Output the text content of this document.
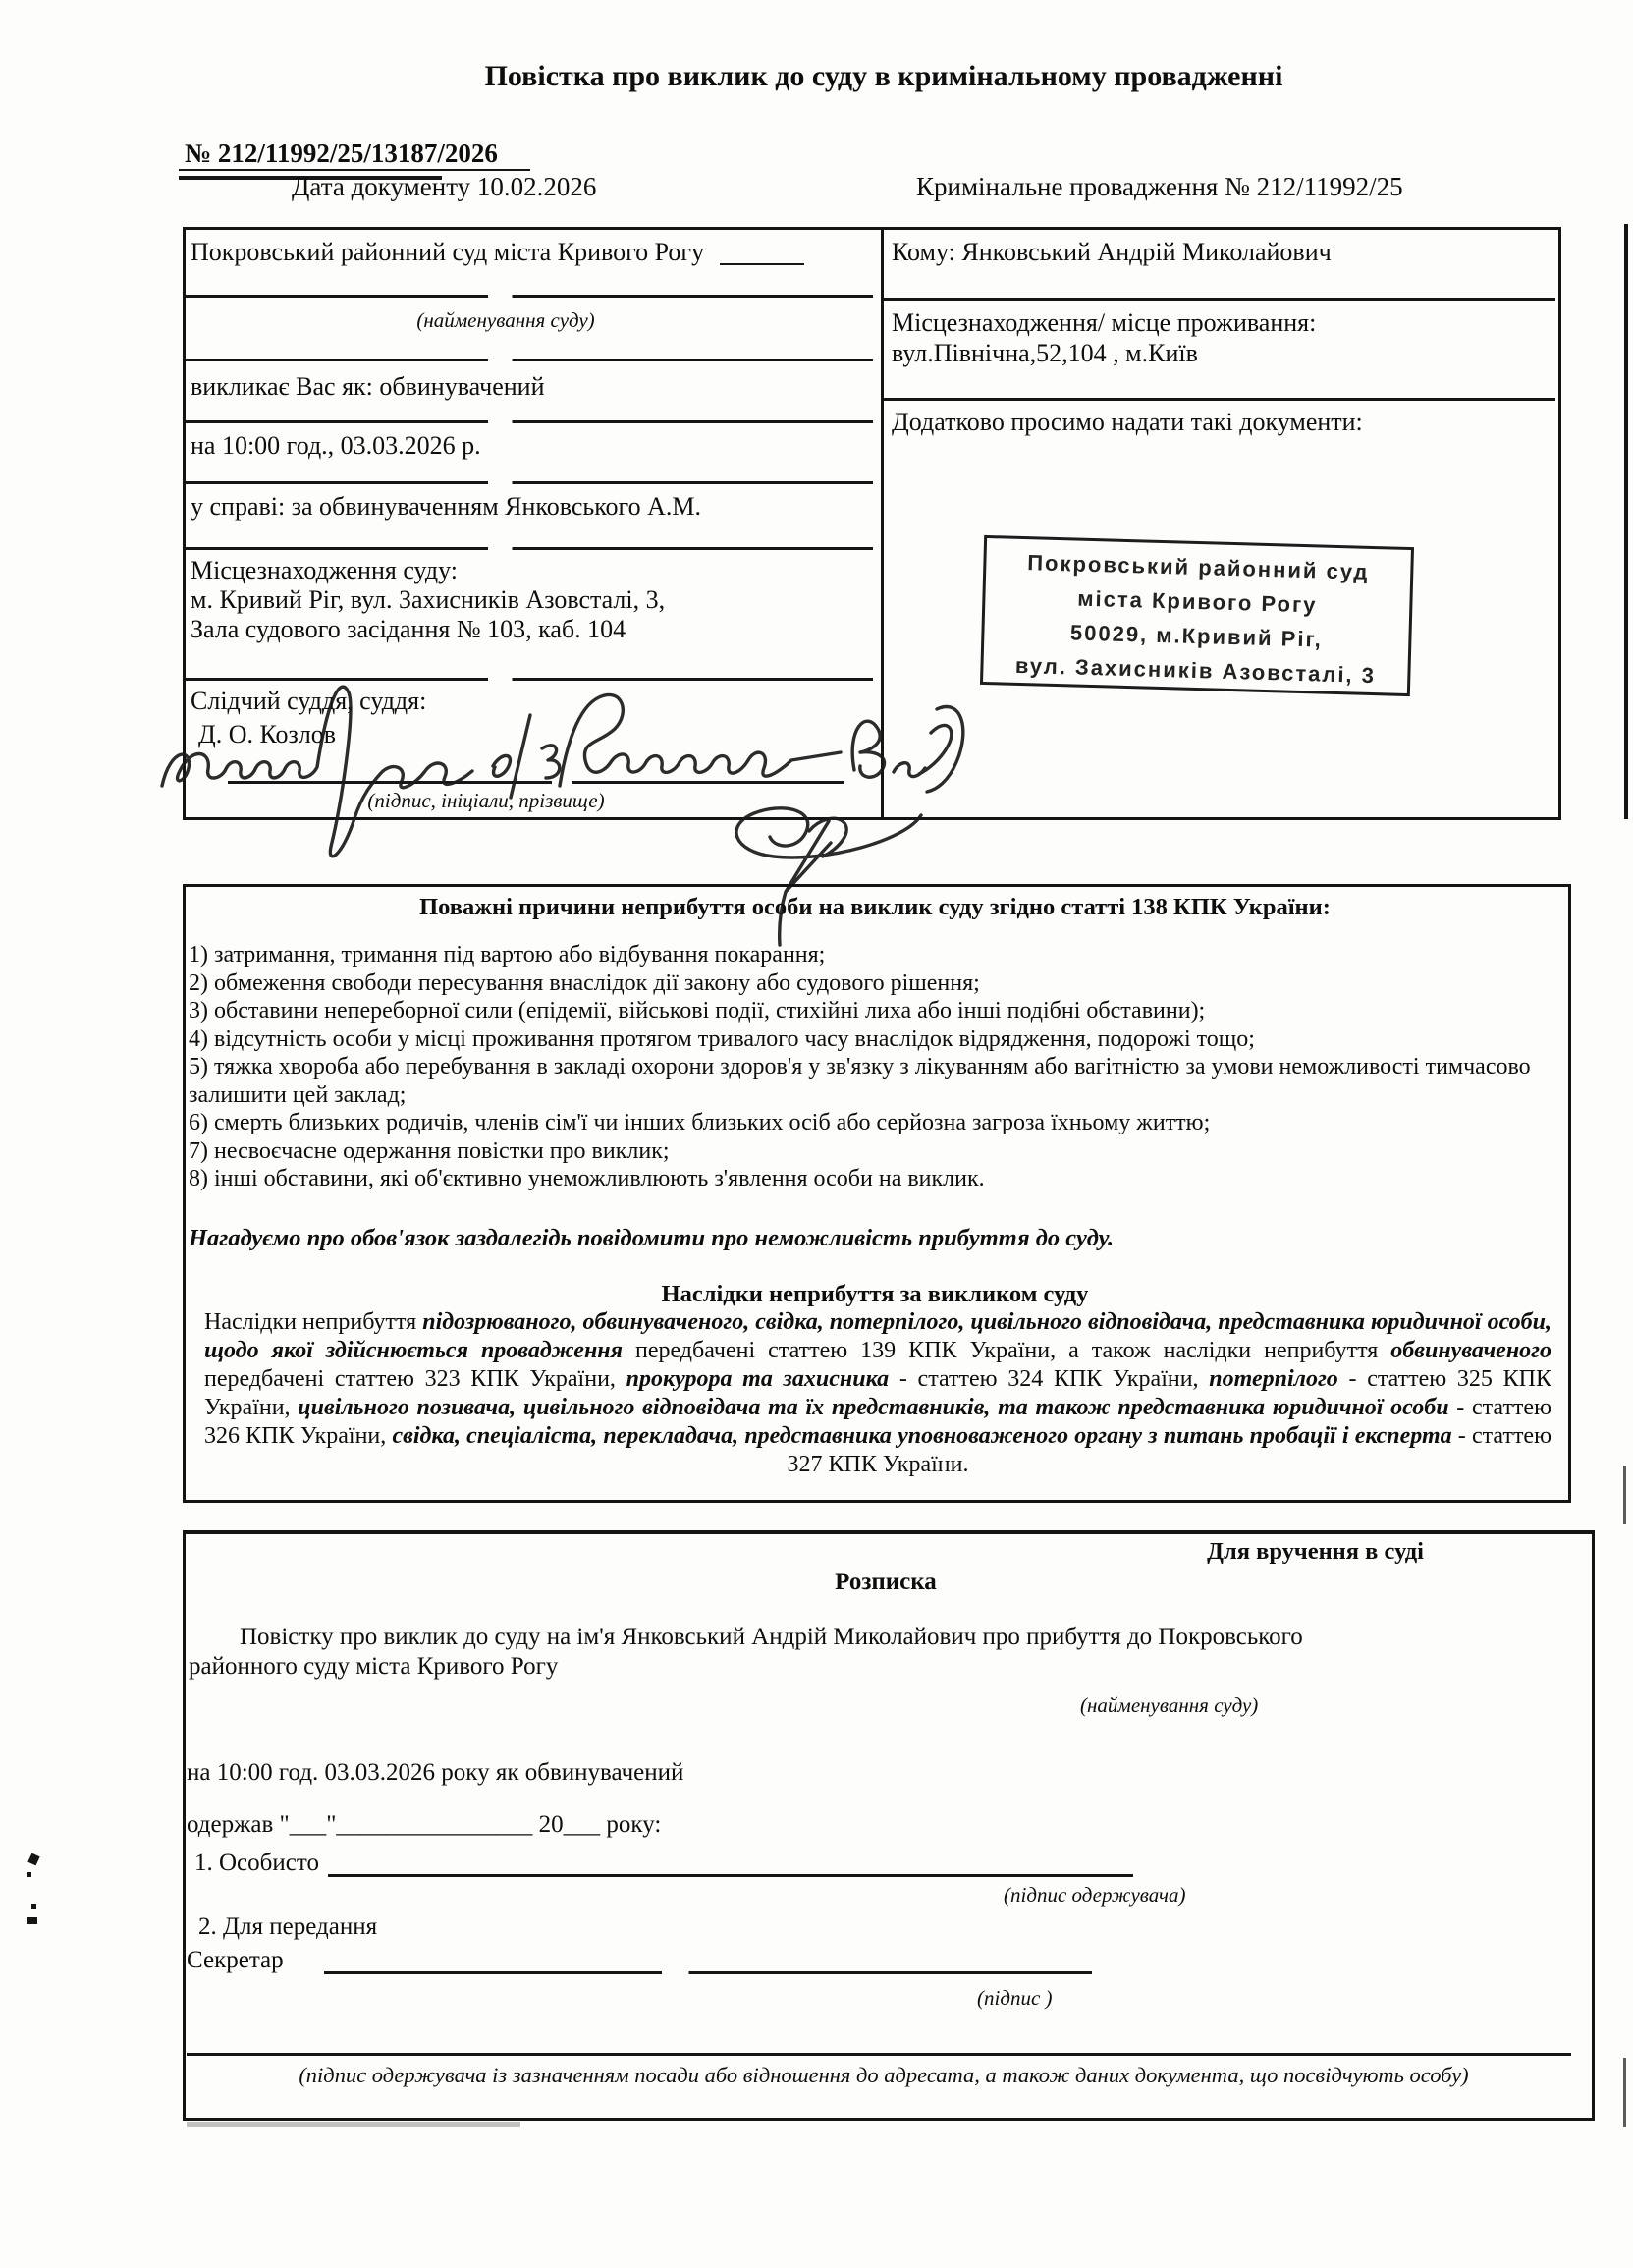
Повістка про виклик до суду в кримінальному провадженні
№ 212/11992/25/13187/2026
Дата документу 10.02.2026	Кримінальне провадження № 212/11992/25
Покровський районний суд міста Кривого Рогу
(найменування суду)
викликає Вас як: обвинувачений
на 10:00 год., 03.03.2026 р.
у справі: за обвинуваченням Янковського А.М.
Місцезнаходження суду:
м. Кривий Ріг, вул. Захисників Азовсталі, 3,
Зала судового засідання № 103, каб. 104
Слідчий суддя, суддя:
Д. О. Козлов
(підпис, ініціали, прізвище)
Кому: Янковський Андрій Миколайович
Місцезнаходження/ місце проживання:
вул.Північна,52,104 , м.Київ
Додатково просимо надати такі документи:
Покровський районний суд
міста Кривого Рогу
50029, м.Кривий Ріг,
вул. Захисників Азовсталі, 3
Поважні причини неприбуття особи на виклик суду згідно статті 138 КПК України:
1) затримання, тримання під вартою або відбування покарання;
2) обмеження свободи пересування внаслідок дії закону або судового рішення;
3) обставини непереборної сили (епідемії, військові події, стихійні лиха або інші подібні обставини);
4) відсутність особи у місці проживання протягом тривалого часу внаслідок відрядження, подорожі тощо;
5) тяжка хвороба або перебування в закладі охорони здоров'я у зв'язку з лікуванням або вагітністю за умови неможливості тимчасово залишити цей заклад;
6) смерть близьких родичів, членів сім'ї чи інших близьких осіб або серйозна загроза їхньому життю;
7) несвоєчасне одержання повістки про виклик;
8) інші обставини, які об'єктивно унеможливлюють з'явлення особи на виклик.
Нагадуємо про обов'язок заздалегідь повідомити про неможливість прибуття до суду.
Наслідки неприбуття за викликом суду
Наслідки неприбуття підозрюваного, обвинуваченого, свідка, потерпілого, цивільного відповідача, представника юридичної особи, щодо якої здійснюється провадження передбачені статтею 139 КПК України, а також наслідки неприбуття обвинуваченого передбачені статтею 323 КПК України, прокурора та захисника - статтею 324 КПК України, потерпілого - статтею 325 КПК України, цивільного позивача, цивільного відповідача та їх представників, та також представника юридичної особи - статтею 326 КПК України, свідка, спеціаліста, перекладача, представника уповноваженого органу з питань пробації і експерта - статтею 327 КПК України.
Для вручення в суді
Розписка
Повістку про виклик до суду на ім'я Янковський Андрій Миколайович про прибуття до Покровського
районного суду міста Кривого Рогу
(найменування суду)
на 10:00 год. 03.03.2026 року як обвинувачений
одержав "___"________________ 20___ року:
1. Особисто
(підпис одержувача)
2. Для передання
Секретар
(підпис )
(підпис одержувача із зазначенням посади або відношення до адресата, а також даних документа, що посвідчують особу)
